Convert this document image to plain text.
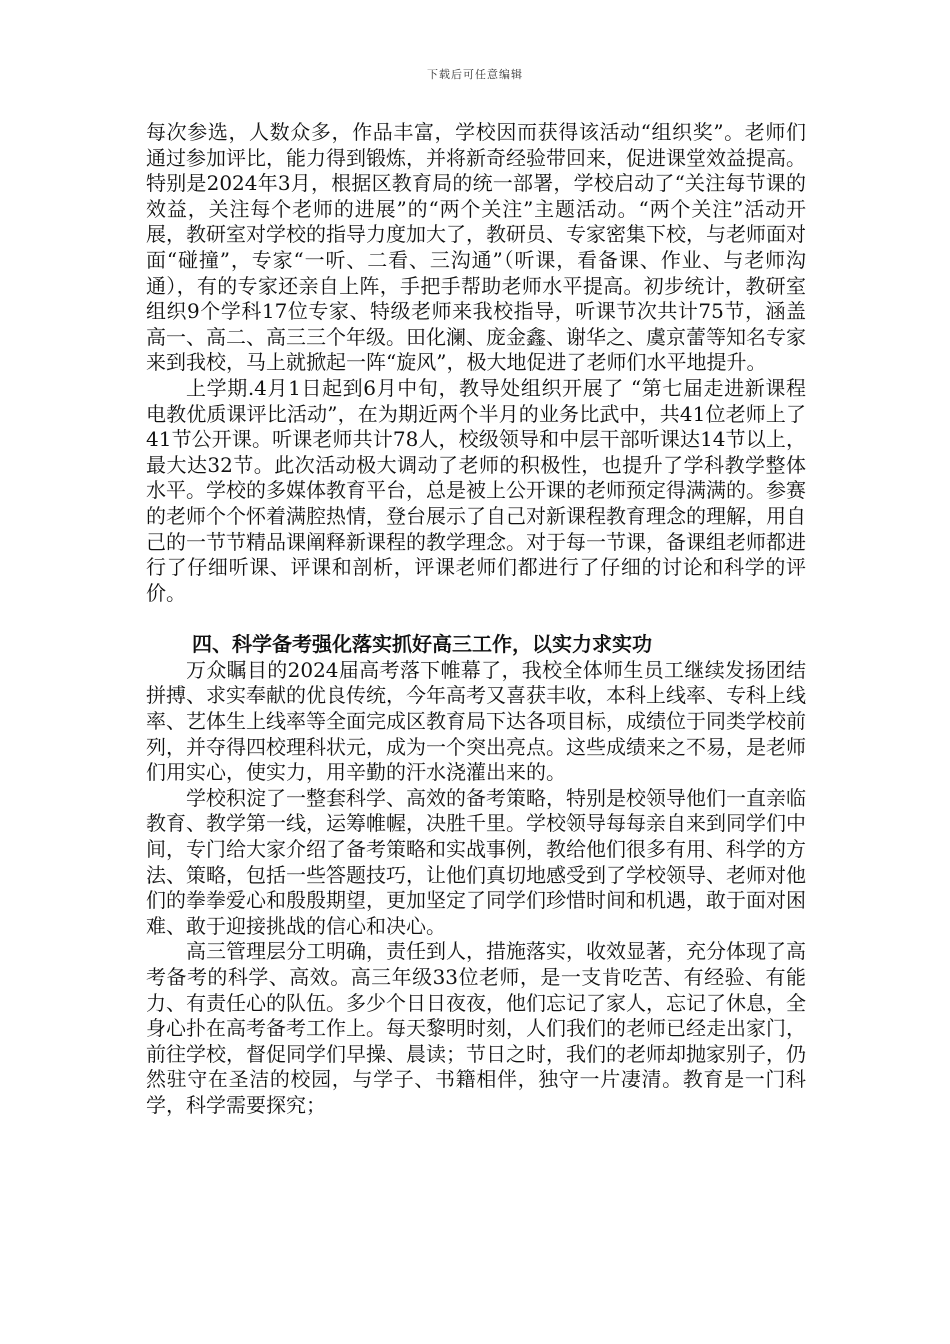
下载后可任意编辑

每次参选，人数众多，作品丰富，学校因而获得该活动“组织奖”。老师们通过参加评比，能力得到锻炼，并将新奇经验带回来，促进课堂效益提高。特别是2024年3月，根据区教育局的统一部署，学校启动了“关注每节课的效益，关注每个老师的进展”的“两个关注”主题活动。“两个关注”活动开展，教研室对学校的指导力度加大了，教研员、专家密集下校，与老师面对面“碰撞”，专家“一听、二看、三沟通”（听课，看备课、作业、与老师沟通），有的专家还亲自上阵，手把手帮助老师水平提高。初步统计，教研室组织9个学科17位专家、特级老师来我校指导，听课节次共计75节，涵盖高一、高二、高三三个年级。田化澜、庞金鑫、谢华之、虞京蕾等知名专家来到我校，马上就掀起一阵“旋风”，极大地促进了老师们水平地提升。

上学期.4月1日起到6月中旬，教导处组织开展了 “第七届走进新课程电教优质课评比活动”，在为期近两个半月的业务比武中，共41位老师上了41节公开课。听课老师共计78人，校级领导和中层干部听课达14节以上，最大达32节。此次活动极大调动了老师的积极性，也提升了学科教学整体水平。学校的多媒体教育平台，总是被上公开课的老师预定得满满的。参赛的老师个个怀着满腔热情，登台展示了自己对新课程教育理念的理解，用自己的一节节精品课阐释新课程的教学理念。对于每一节课，备课组老师都进行了仔细听课、评课和剖析，评课老师们都进行了仔细的讨论和科学的评价。

四、科学备考强化落实抓好高三工作，以实力求实功

万众瞩目的2024届高考落下帷幕了，我校全体师生员工继续发扬团结拼搏、求实奉献的优良传统，今年高考又喜获丰收，本科上线率、专科上线率、艺体生上线率等全面完成区教育局下达各项目标，成绩位于同类学校前列，并夺得四校理科状元，成为一个突出亮点。这些成绩来之不易，是老师们用实心，使实力，用辛勤的汗水浇灌出来的。

学校积淀了一整套科学、高效的备考策略，特别是校领导他们一直亲临教育、教学第一线，运筹帷幄，决胜千里。学校领导每每亲自来到同学们中间，专门给大家介绍了备考策略和实战事例，教给他们很多有用、科学的方法、策略，包括一些答题技巧，让他们真切地感受到了学校领导、老师对他们的拳拳爱心和殷殷期望，更加坚定了同学们珍惜时间和机遇，敢于面对困难、敢于迎接挑战的信心和决心。

高三管理层分工明确，责任到人，措施落实，收效显著，充分体现了高考备考的科学、高效。高三年级33位老师，是一支肯吃苦、有经验、有能力、有责任心的队伍。多少个日日夜夜，他们忘记了家人，忘记了休息，全身心扑在高考备考工作上。每天黎明时刻，人们我们的老师已经走出家门，前往学校，督促同学们早操、晨读；节日之时，我们的老师却抛家别子，仍然驻守在圣洁的校园，与学子、书籍相伴，独守一片凄清。教育是一门科学，科学需要探究；
